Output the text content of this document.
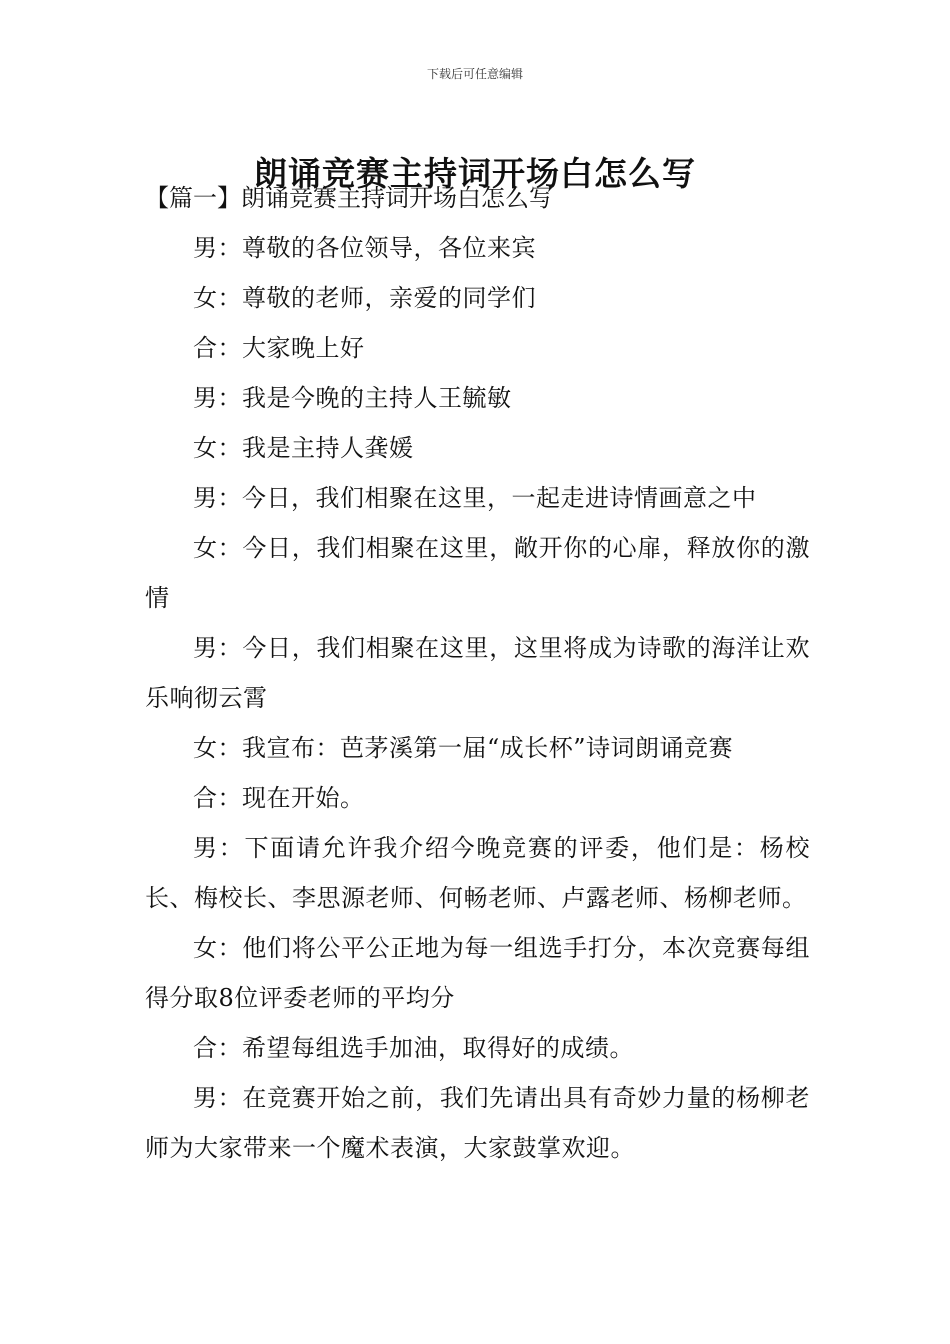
下载后可任意编辑
朗诵竞赛主持词开场白怎么写

【篇一】朗诵竞赛主持词开场白怎么写

男：尊敬的各位领导，各位来宾

女：尊敬的老师，亲爱的同学们

合：大家晚上好

男：我是今晚的主持人王毓敏

女：我是主持人龚媛

男：今日，我们相聚在这里，一起走进诗情画意之中

女：今日，我们相聚在这里，敞开你的心扉，释放你的激情

男：今日，我们相聚在这里，这里将成为诗歌的海洋让欢乐响彻云霄

女：我宣布：芭茅溪第一届“成长杯”诗词朗诵竞赛

合：现在开始。

男：下面请允许我介绍今晚竞赛的评委，他们是：杨校长、梅校长、李思源老师、何畅老师、卢露老师、杨柳老师。

女：他们将公平公正地为每一组选手打分，本次竞赛每组得分取8位评委老师的平均分

合：希望每组选手加油，取得好的成绩。

男：在竞赛开始之前，我们先请出具有奇妙力量的杨柳老师为大家带来一个魔术表演，大家鼓掌欢迎。
